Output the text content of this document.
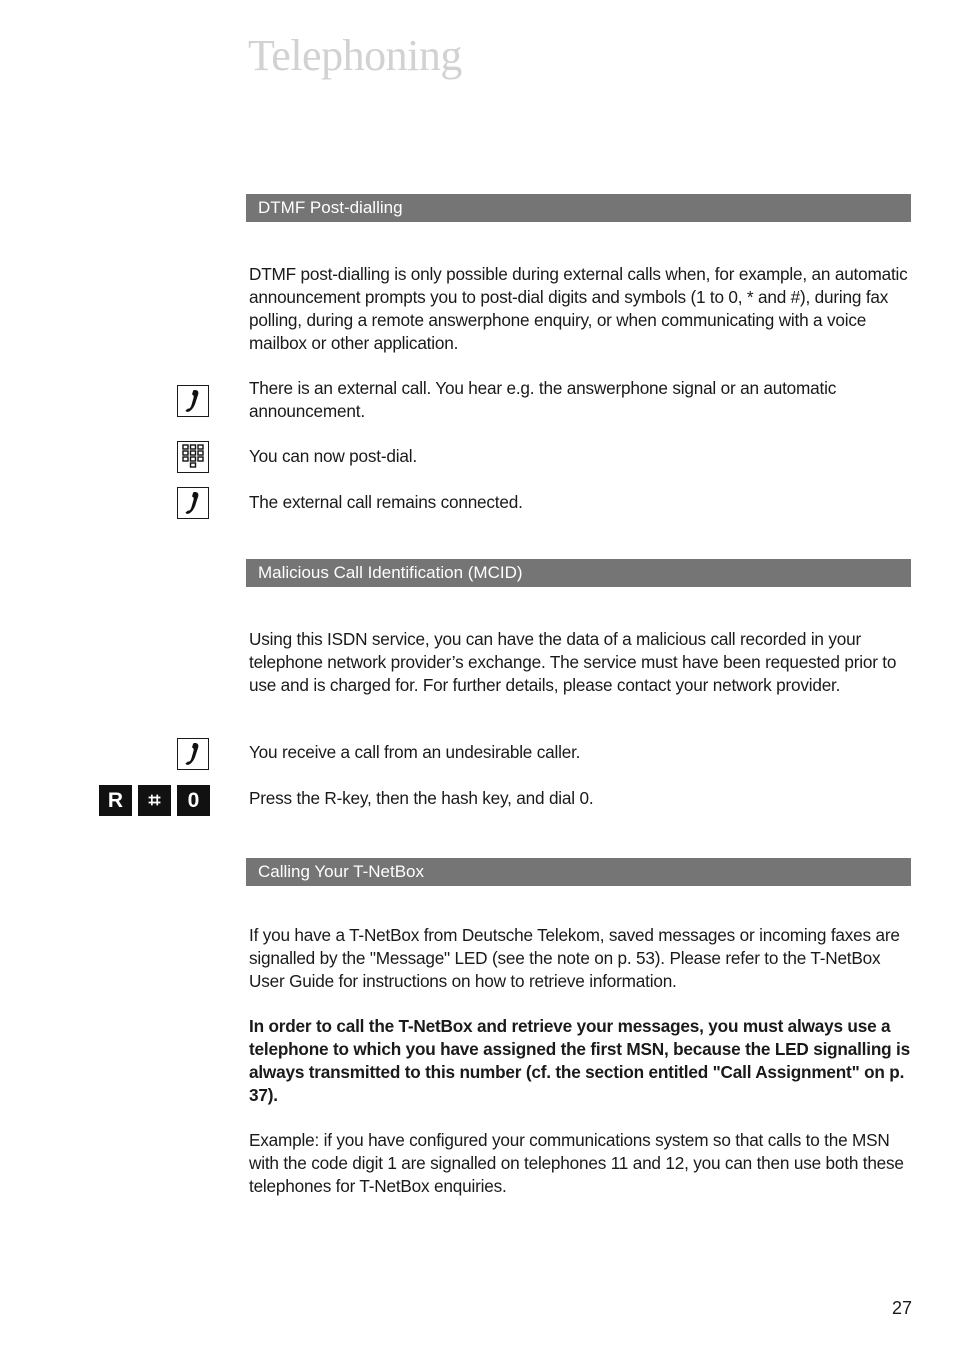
Telephoning
DTMF Post-dialling

DTMF post-dialling is only possible during external calls when, for example, an automatic announcement prompts you to post-dial digits and symbols (1 to 0, * and #), during fax polling, during a remote answerphone enquiry, or when communicating with a voice mailbox or other application.

There is an external call. You hear e.g. the answerphone signal or an automatic announcement.

You can now post-dial.

The external call remains connected.

Malicious Call Identification (MCID)

Using this ISDN service, you can have the data of a malicious call recorded in your telephone network provider’s exchange. The service must have been requested prior to use and is charged for. For further details, please contact your network provider.

You receive a call from an undesirable caller.

R	⌗	0	Press the R-key, then the hash key, and dial 0.

Calling Your T-NetBox

If you have a T-NetBox from Deutsche Telekom, saved messages or incoming faxes are signalled by the "Message" LED (see the note on p. 53). Please refer to the T-NetBox User Guide for instructions on how to retrieve information.

In order to call the T-NetBox and retrieve your messages, you must always use a telephone to which you have assigned the first MSN, because the LED signalling is always transmitted to this number (cf. the section entitled "Call Assignment" on p. 37).

Example: if you have configured your communications system so that calls to the MSN with the code digit 1 are signalled on telephones 11 and 12, you can then use both these telephones for T-NetBox enquiries.

27
